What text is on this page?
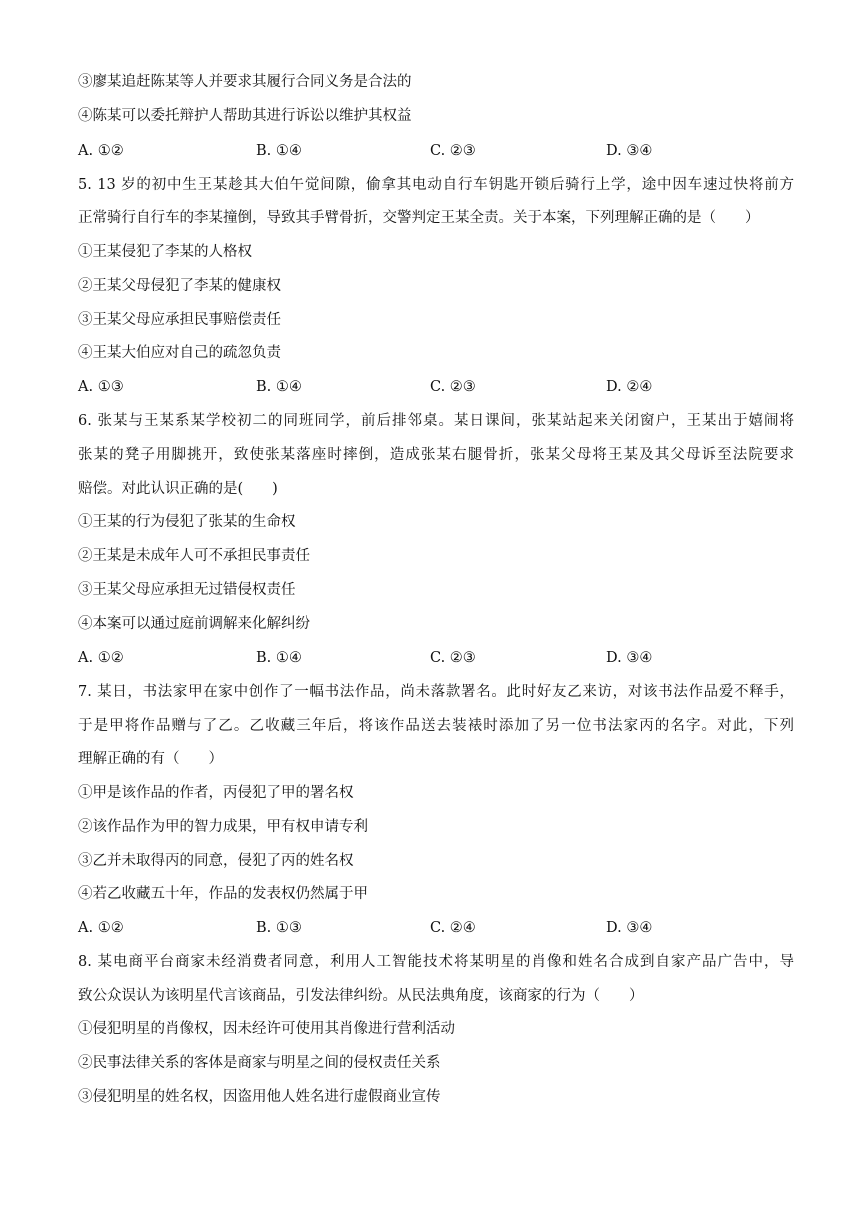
③廖某追赶陈某等人并要求其履行合同义务是合法的
④陈某可以委托辩护人帮助其进行诉讼以维护其权益
A. ①②	B. ①④	C. ②③	D. ③④
5. 13 岁的初中生王某趁其大伯午觉间隙，偷拿其电动自行车钥匙开锁后骑行上学，途中因车速过快将前方
正常骑行自行车的李某撞倒，导致其手臂骨折，交警判定王某全责。关于本案，下列理解正确的是（　　）
①王某侵犯了李某的人格权
②王某父母侵犯了李某的健康权
③王某父母应承担民事赔偿责任
④王某大伯应对自己的疏忽负责
A. ①③	B. ①④	C. ②③	D. ②④
6. 张某与王某系某学校初二的同班同学，前后排邻桌。某日课间，张某站起来关闭窗户，王某出于嬉闹将
张某的凳子用脚挑开，致使张某落座时摔倒，造成张某右腿骨折，张某父母将王某及其父母诉至法院要求
赔偿。对此认识正确的是(　　)
①王某的行为侵犯了张某的生命权
②王某是未成年人可不承担民事责任
③王某父母应承担无过错侵权责任
④本案可以通过庭前调解来化解纠纷
A. ①②	B. ①④	C. ②③	D. ③④
7. 某日，书法家甲在家中创作了一幅书法作品，尚未落款署名。此时好友乙来访，对该书法作品爱不释手，
于是甲将作品赠与了乙。乙收藏三年后，将该作品送去装裱时添加了另一位书法家丙的名字。对此，下列
理解正确的有（　　）
①甲是该作品的作者，丙侵犯了甲的署名权
②该作品作为甲的智力成果，甲有权申请专利
③乙并未取得丙的同意，侵犯了丙的姓名权
④若乙收藏五十年，作品的发表权仍然属于甲
A. ①②	B. ①③	C. ②④	D. ③④
8. 某电商平台商家未经消费者同意，利用人工智能技术将某明星的肖像和姓名合成到自家产品广告中，导
致公众误认为该明星代言该商品，引发法律纠纷。从民法典角度，该商家的行为（　　）
①侵犯明星的肖像权，因未经许可使用其肖像进行营利活动
②民事法律关系的客体是商家与明星之间的侵权责任关系
③侵犯明星的姓名权，因盗用他人姓名进行虚假商业宣传
